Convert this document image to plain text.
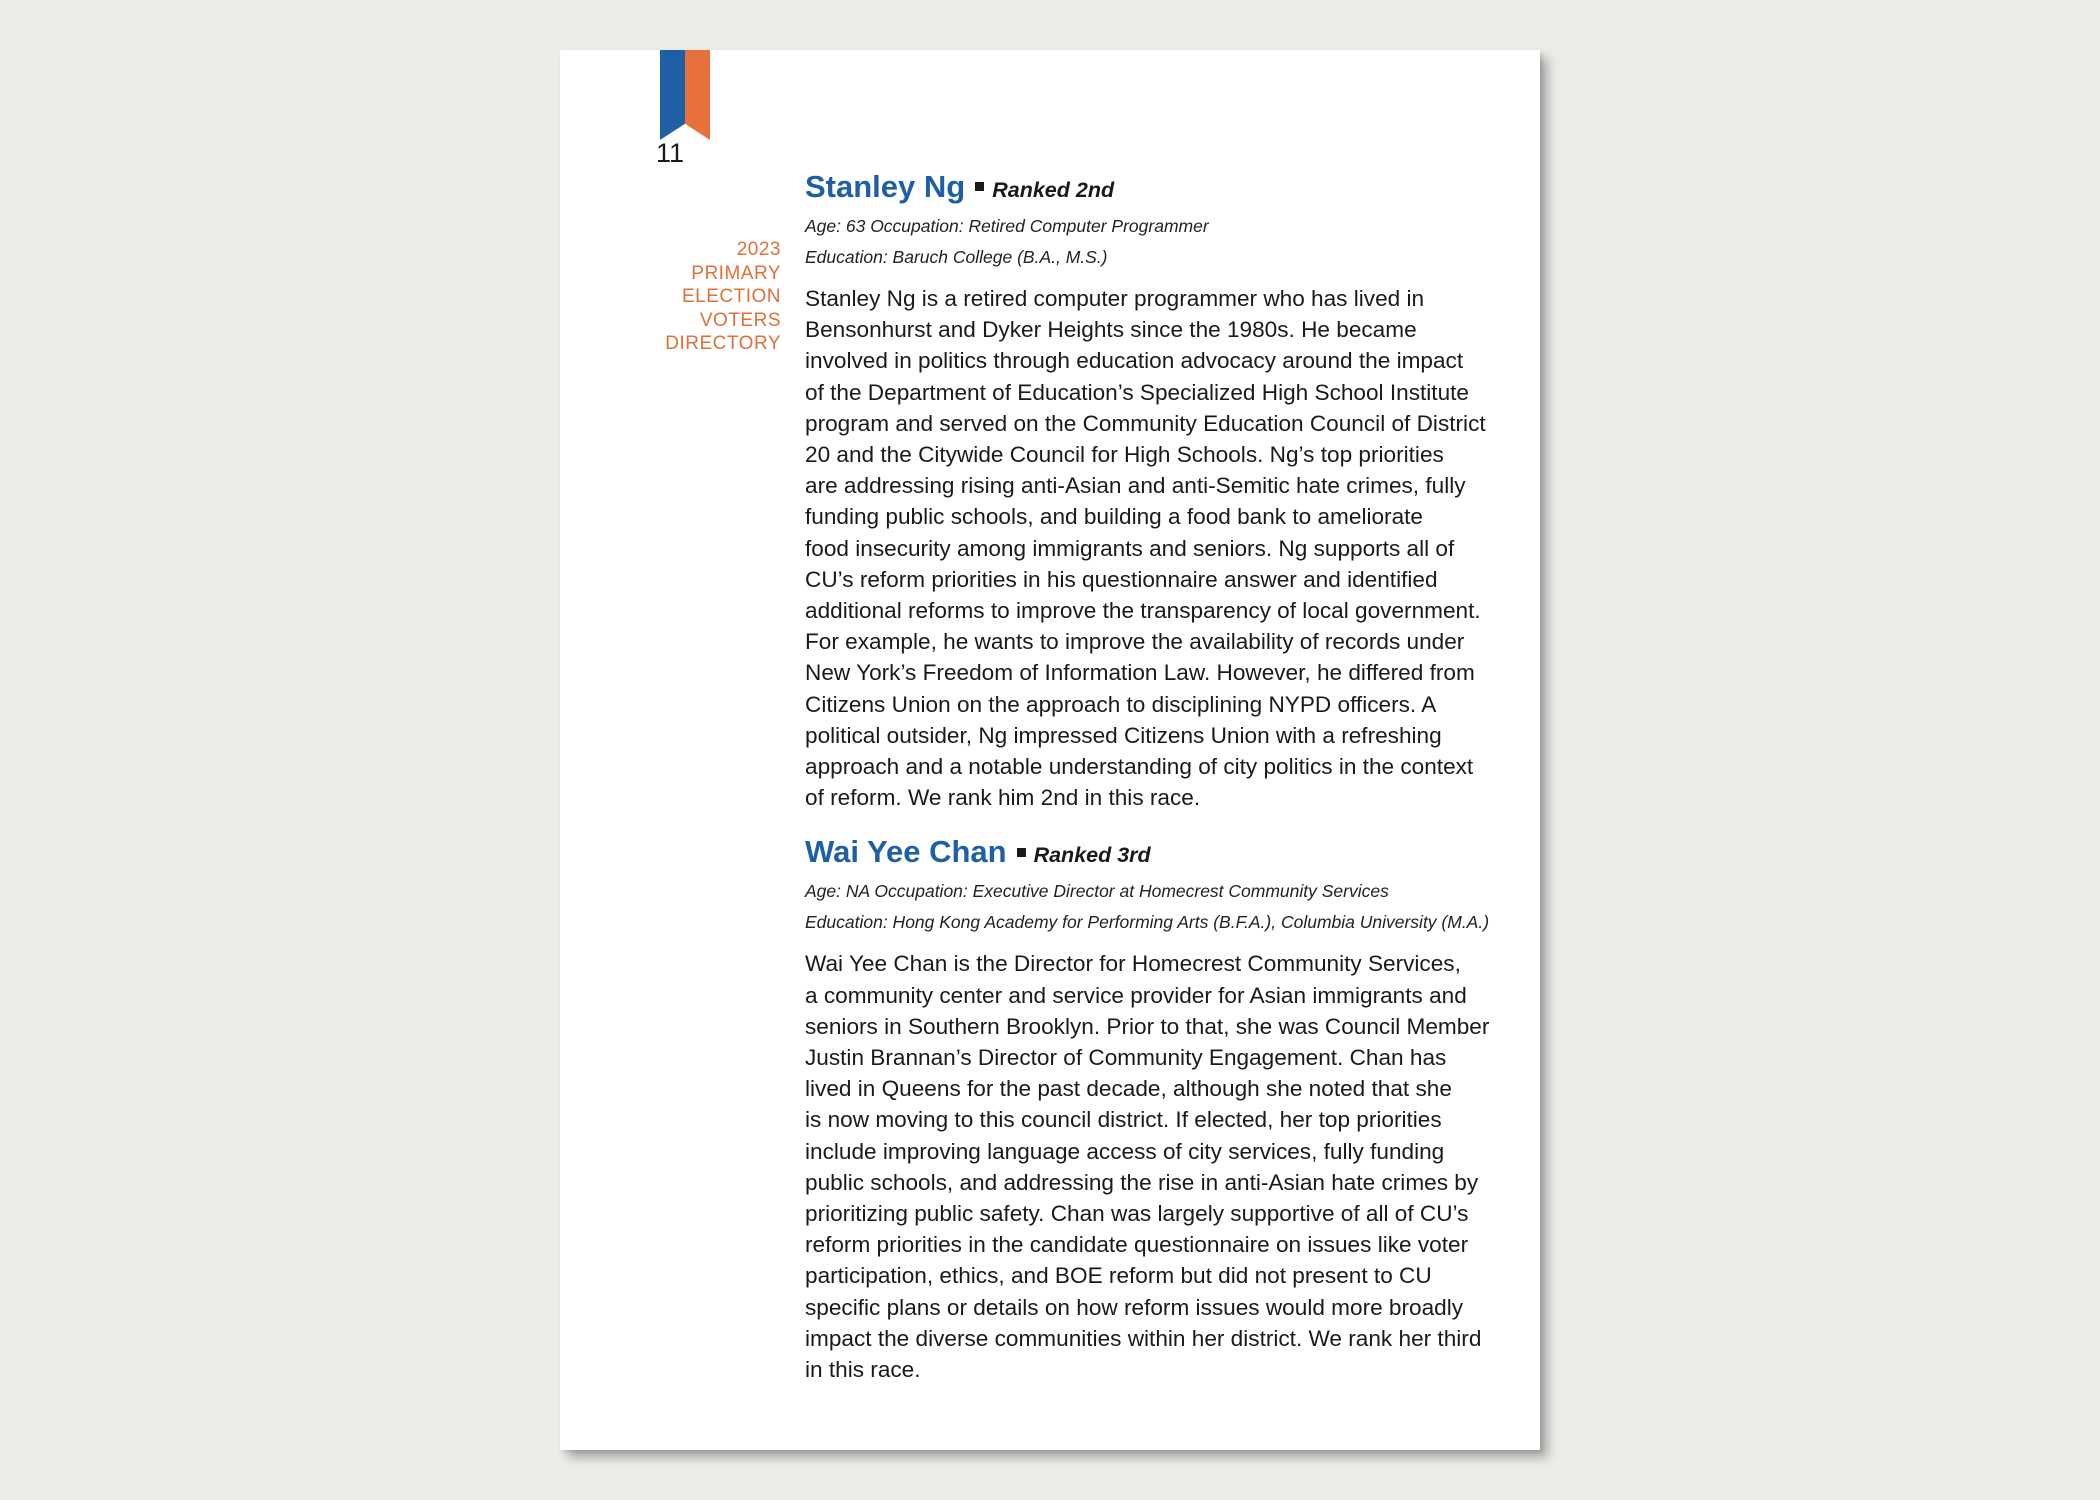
11
2023
PRIMARY
ELECTION
VOTERS
DIRECTORY
Stanley Ng Ranked 2nd
Age: 63 Occupation: Retired Computer Programmer
Education: Baruch College (B.A., M.S.)
Stanley Ng is a retired computer programmer who has lived in
Bensonhurst and Dyker Heights since the 1980s. He became
involved in politics through education advocacy around the impact
of the Department of Education’s Specialized High School Institute
program and served on the Community Education Council of District
20 and the Citywide Council for High Schools. Ng’s top priorities
are addressing rising anti-Asian and anti-Semitic hate crimes, fully
funding public schools, and building a food bank to ameliorate
food insecurity among immigrants and seniors. Ng supports all of
CU’s reform priorities in his questionnaire answer and identified
additional reforms to improve the transparency of local government.
For example, he wants to improve the availability of records under
New York’s Freedom of Information Law. However, he differed from
Citizens Union on the approach to disciplining NYPD officers. A
political outsider, Ng impressed Citizens Union with a refreshing
approach and a notable understanding of city politics in the context
of reform. We rank him 2nd in this race.
Wai Yee Chan Ranked 3rd
Age: NA Occupation: Executive Director at Homecrest Community Services
Education: Hong Kong Academy for Performing Arts (B.F.A.), Columbia University (M.A.)
Wai Yee Chan is the Director for Homecrest Community Services,
a community center and service provider for Asian immigrants and
seniors in Southern Brooklyn. Prior to that, she was Council Member
Justin Brannan’s Director of Community Engagement. Chan has
lived in Queens for the past decade, although she noted that she
is now moving to this council district. If elected, her top priorities
include improving language access of city services, fully funding
public schools, and addressing the rise in anti-Asian hate crimes by
prioritizing public safety. Chan was largely supportive of all of CU’s
reform priorities in the candidate questionnaire on issues like voter
participation, ethics, and BOE reform but did not present to CU
specific plans or details on how reform issues would more broadly
impact the diverse communities within her district. We rank her third
in this race.
